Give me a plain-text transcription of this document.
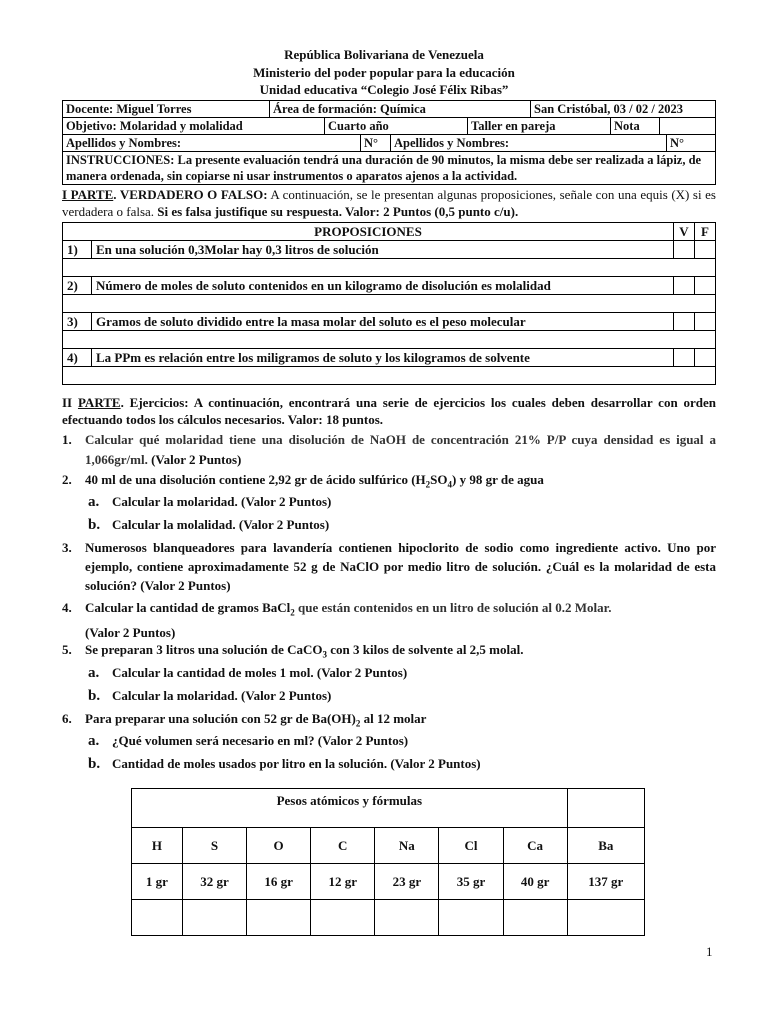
República Bolivariana de Venezuela
Ministerio del poder popular para la educación
Unidad educativa “Colegio José Félix Ribas”
Docente: Miguel Torres	Área de formación: Química	San Cristóbal, 03 / 02 / 2023
Objetivo: Molaridad y molalidad	Cuarto año	Taller en pareja	Nota	
Apellidos y Nombres:	N°	Apellidos y Nombres:	N°
INSTRUCCIONES: La presente evaluación tendrá una duración de 90 minutos, la misma debe ser realizada a lápiz, de manera ordenada, sin copiarse ni usar instrumentos o aparatos ajenos a la actividad.
I PARTE. VERDADERO O FALSO: A continuación, se le presentan algunas proposiciones, señale con una equis (X) si es verdadera o falsa. Si es falsa justifique su respuesta. Valor: 2 Puntos (0,5 punto c/u).
PROPOSICIONES		V	F
1)	En una solución 0,3Molar hay 0,3 litros de solución		

2)	Número de moles de soluto contenidos en un kilogramo de disolución es molalidad		

3)	Gramos de soluto dividido entre la masa molar del soluto es el peso molecular		

4)	La PPm es relación entre los miligramos de soluto y los kilogramos de solvente		

II PARTE. Ejercicios: A continuación, encontrará una serie de ejercicios los cuales deben desarrollar con orden efectuando todos los cálculos necesarios. Valor: 18 puntos.
1. Calcular qué molaridad tiene una disolución de NaOH de concentración 21% P/P cuya densidad es igual a 1,066gr/ml. (Valor 2 Puntos)
2. 40 ml de una disolución contiene 2,92 gr de ácido sulfúrico $(H_2SO_4)$ y 98 gr de agua
a. Calcular la molaridad. (Valor 2 Puntos)
b. Calcular la molalidad. (Valor 2 Puntos)
3. Numerosos blanqueadores para lavandería contienen hipoclorito de sodio como ingrediente activo. Uno por ejemplo, contiene aproximadamente 52 g de NaClO por medio litro de solución. ¿Cuál es la molaridad de esta solución? (Valor 2 Puntos)
4. Calcular la cantidad de gramos BaCl$_2$ que están contenidos en un litro de solución al 0.2 Molar.
(Valor 2 Puntos)
5. Se preparan 3 litros una solución de CaCO$_3$ con 3 kilos de solvente al 2,5 molal.
a. Calcular la cantidad de moles 1 mol. (Valor 2 Puntos)
b. Calcular la molaridad. (Valor 2 Puntos)
6. Para preparar una solución con 52 gr de $Ba(OH)_2$ al 12 molar
a. ¿Qué volumen será necesario en ml? (Valor 2 Puntos)
b. Cantidad de moles usados por litro en la solución. (Valor 2 Puntos)
Pesos atómicos y fórmulas							
H	S	O	C	Na	Cl	Ca	Ba
1 gr	32 gr	16 gr	12 gr	23 gr	35 gr	40 gr	137 gr

1
